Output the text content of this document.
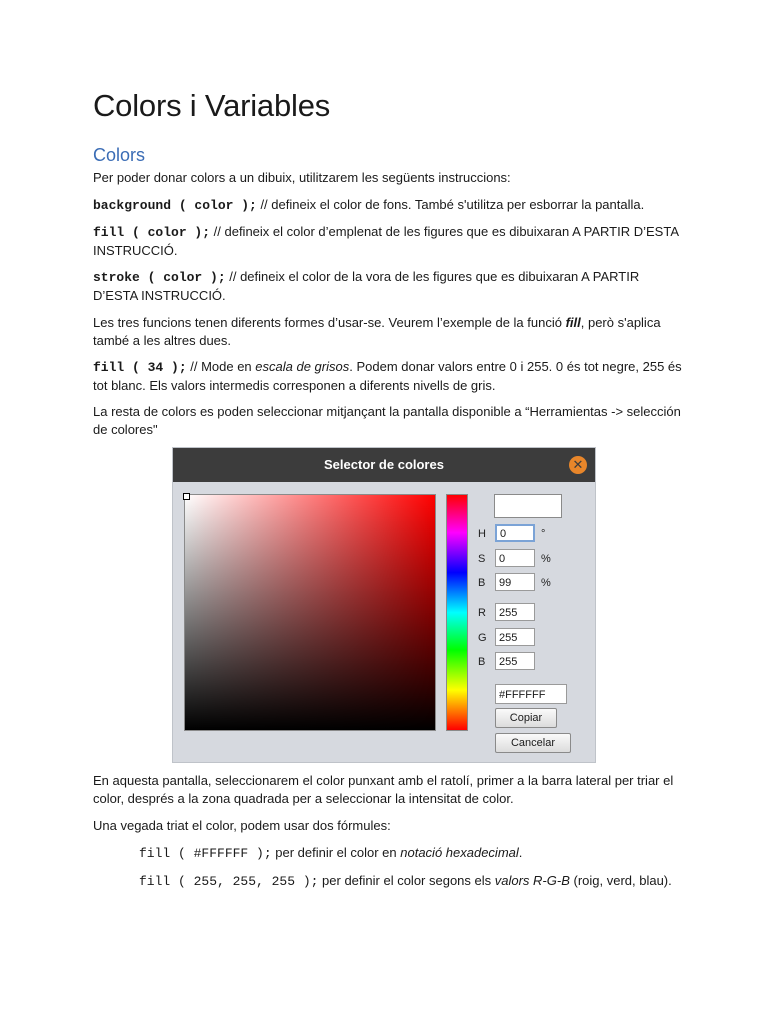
Colors i Variables
Colors
Per poder donar colors a un dibuix, utilitzarem les següents instruccions:
background ( color ); // defineix el color de fons. També s'utilitza per esborrar la pantalla.
fill ( color ); // defineix el color d’emplenat de les figures que es dibuixaran A PARTIR D’ESTA INSTRUCCIÓ.
stroke ( color ); // defineix el color de la vora de les figures que es dibuixaran A PARTIR D’ESTA INSTRUCCIÓ.
Les tres funcions tenen diferents formes d’usar-se. Veurem l’exemple de la funció fill, però s'aplica també a les altres dues.
fill ( 34 ); // Mode en escala de grisos. Podem donar valors entre 0 i 255. 0 és tot negre, 255 és tot blanc. Els valors intermedis corresponen a diferents nivells de gris.
La resta de colors es poden seleccionar mitjançant la pantalla disponible a “Herramientas -> selección de colores"
En aquesta pantalla, seleccionarem el color punxant amb el ratolí, primer a la barra lateral per triar el color, després a la zona quadrada per a seleccionar la intensitat de color.
Una vegada triat el color, podem usar dos fórmules:
fill ( #FFFFFF ); per definir el color en notació hexadecimal.
fill ( 255, 255, 255 ); per definir el color segons els valors R-G-B (roig, verd, blau).
Selector de colores	✕
H	0	°
S	0	%
B	99	%
R	255
G	255
B	255
#FFFFFF
Copiar
Cancelar
